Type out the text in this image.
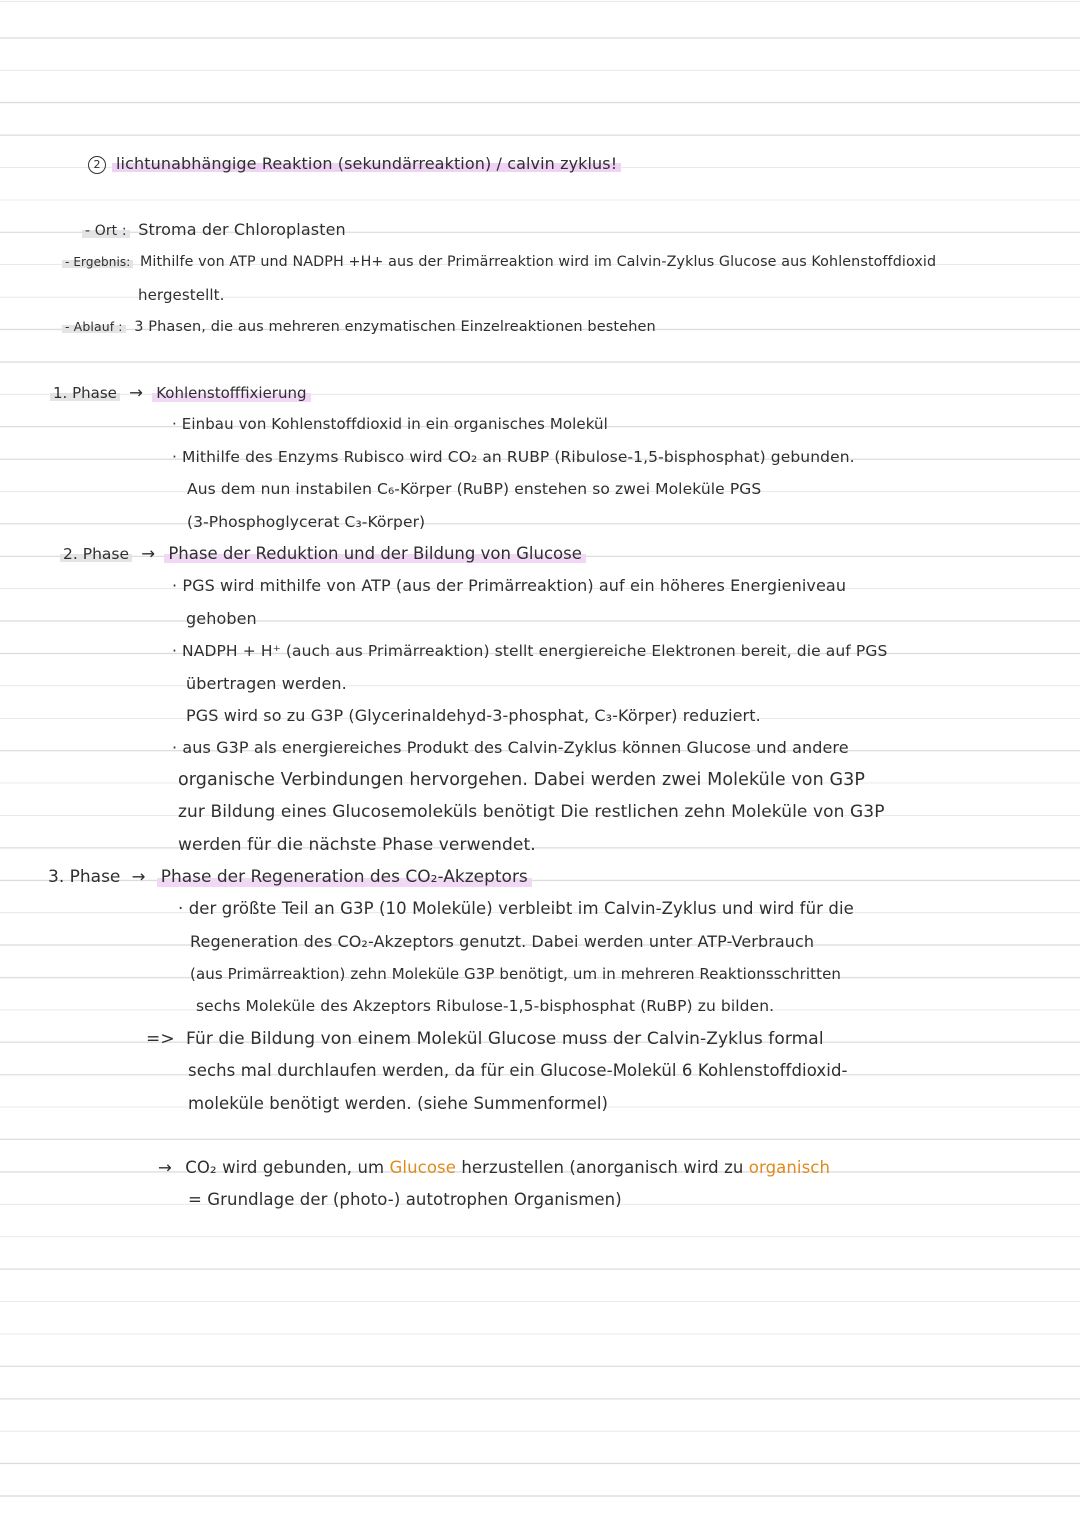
2 lichtunabhängige Reaktion (sekundärreaktion) / calvin zyklus!
- Ort : Stroma der Chloroplasten
- Ergebnis: Mithilfe von ATP und NADPH +H+ aus der Primärreaktion wird im Calvin-Zyklus Glucose aus Kohlenstoffdioxid
hergestellt.
- Ablauf : 3 Phasen, die aus mehreren enzymatischen Einzelreaktionen bestehen
1. Phase → Kohlenstofffixierung
· Einbau von Kohlenstoffdioxid in ein organisches Molekül
· Mithilfe des Enzyms Rubisco wird CO₂ an RUBP (Ribulose-1,5-bisphosphat) gebunden.
Aus dem nun instabilen C₆-Körper (RuBP) enstehen so zwei Moleküle PGS
(3-Phosphoglycerat C₃-Körper)
2. Phase → Phase der Reduktion und der Bildung von Glucose
· PGS wird mithilfe von ATP (aus der Primärreaktion) auf ein höheres Energieniveau
gehoben
· NADPH + H⁺ (auch aus Primärreaktion) stellt energiereiche Elektronen bereit, die auf PGS
übertragen werden.
PGS wird so zu G3P (Glycerinaldehyd-3-phosphat, C₃-Körper) reduziert.
· aus G3P als energiereiches Produkt des Calvin-Zyklus können Glucose und andere
organische Verbindungen hervorgehen. Dabei werden zwei Moleküle von G3P
zur Bildung eines Glucosemoleküls benötigt Die restlichen zehn Moleküle von G3P
werden für die nächste Phase verwendet.
3. Phase → Phase der Regeneration des CO₂-Akzeptors
· der größte Teil an G3P (10 Moleküle) verbleibt im Calvin-Zyklus und wird für die
Regeneration des CO₂-Akzeptors genutzt. Dabei werden unter ATP-Verbrauch
(aus Primärreaktion) zehn Moleküle G3P benötigt, um in mehreren Reaktionsschritten
sechs Moleküle des Akzeptors Ribulose-1,5-bisphosphat (RuBP) zu bilden.
=> Für die Bildung von einem Molekül Glucose muss der Calvin-Zyklus formal
sechs mal durchlaufen werden, da für ein Glucose-Molekül 6 Kohlenstoffdioxid-
moleküle benötigt werden. (siehe Summenformel)
→ CO₂ wird gebunden, um Glucose herzustellen (anorganisch wird zu organisch
= Grundlage der (photo-) autotrophen Organismen)
